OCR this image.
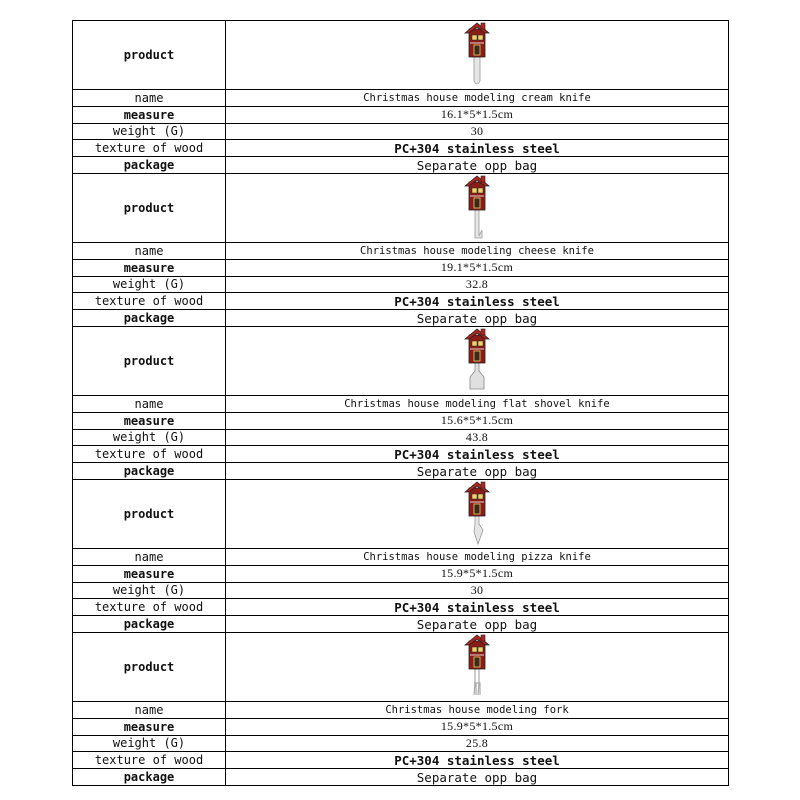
product	

name	Christmas house modeling cream knife
measure	16.1*5*1.5cm
weight (G)	30
texture of wood	PC+304 stainless steel
package	Separate opp bag
product	

name	Christmas house modeling cheese knife
measure	19.1*5*1.5cm
weight (G)	32.8
texture of wood	PC+304 stainless steel
package	Separate opp bag
product	

name	Christmas house modeling flat shovel knife
measure	15.6*5*1.5cm
weight (G)	43.8
texture of wood	PC+304 stainless steel
package	Separate opp bag
product	

name	Christmas house modeling pizza knife
measure	15.9*5*1.5cm
weight (G)	30
texture of wood	PC+304 stainless steel
package	Separate opp bag
product	

name	Christmas house modeling fork
measure	15.9*5*1.5cm
weight (G)	25.8
texture of wood	PC+304 stainless steel
package	Separate opp bag
